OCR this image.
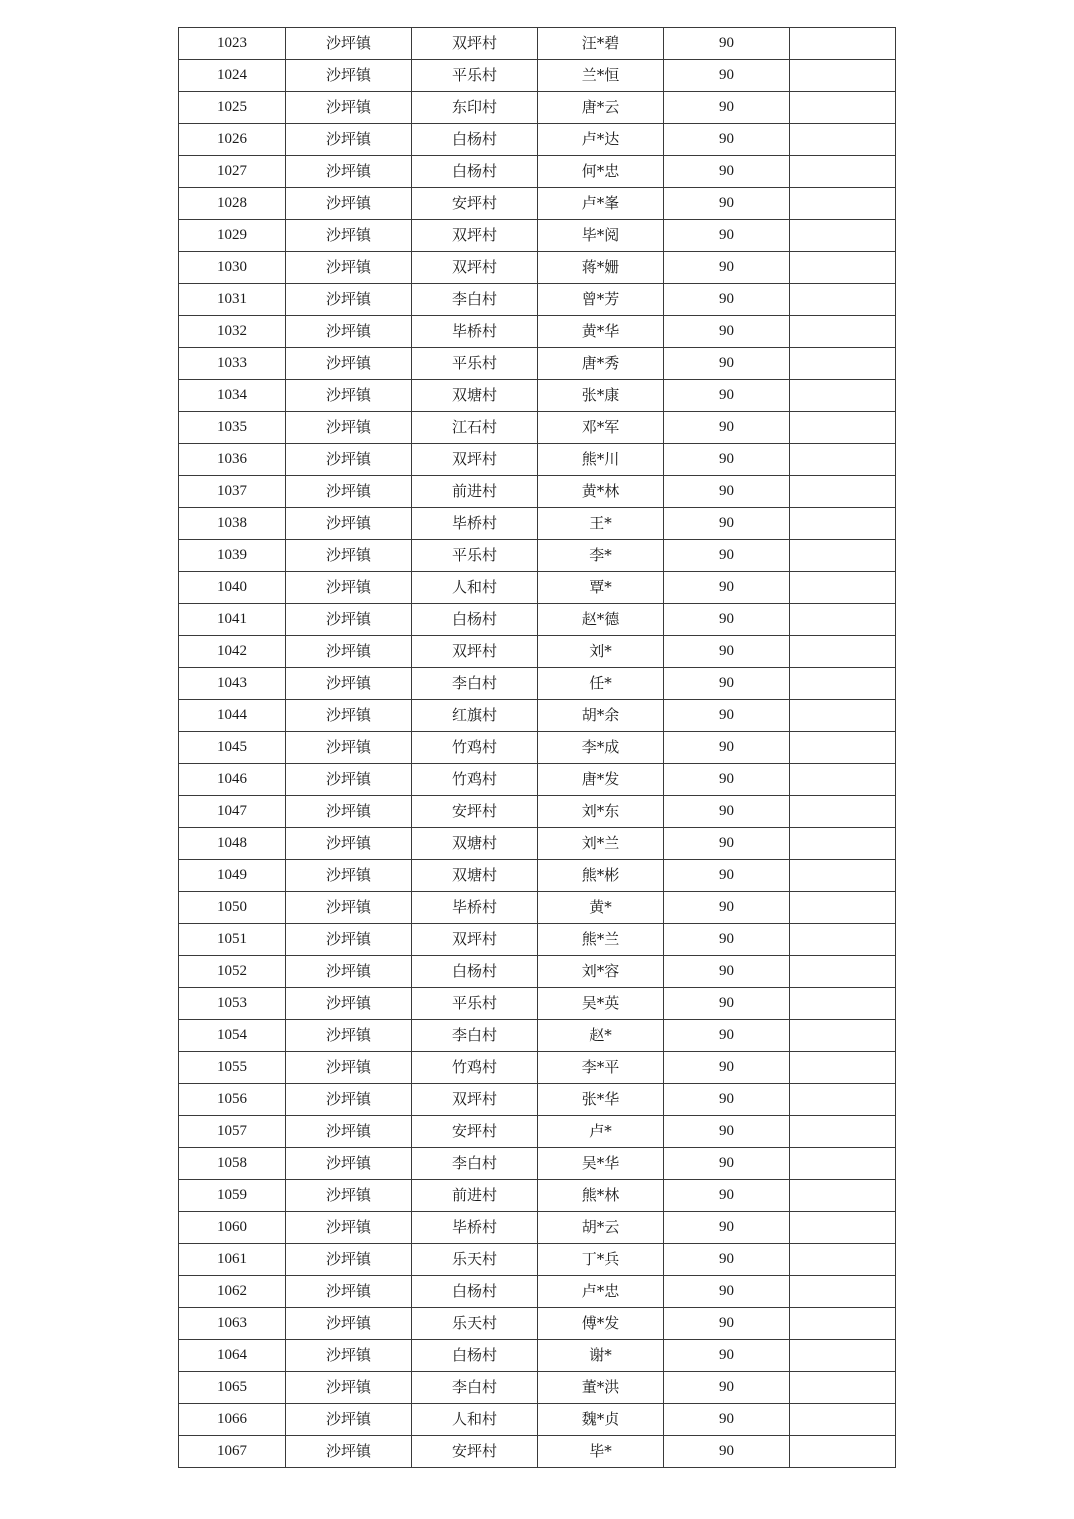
1023	沙坪镇	双坪村	汪*碧	90	
1024	沙坪镇	平乐村	兰*恒	90	
1025	沙坪镇	东印村	唐*云	90	
1026	沙坪镇	白杨村	卢*达	90	
1027	沙坪镇	白杨村	何*忠	90	
1028	沙坪镇	安坪村	卢*峯	90	
1029	沙坪镇	双坪村	毕*阅	90	
1030	沙坪镇	双坪村	蒋*姗	90	
1031	沙坪镇	李白村	曾*芳	90	
1032	沙坪镇	毕桥村	黄*华	90	
1033	沙坪镇	平乐村	唐*秀	90	
1034	沙坪镇	双塘村	张*康	90	
1035	沙坪镇	江石村	邓*军	90	
1036	沙坪镇	双坪村	熊*川	90	
1037	沙坪镇	前进村	黄*林	90	
1038	沙坪镇	毕桥村	王*	90	
1039	沙坪镇	平乐村	李*	90	
1040	沙坪镇	人和村	覃*	90	
1041	沙坪镇	白杨村	赵*德	90	
1042	沙坪镇	双坪村	刘*	90	
1043	沙坪镇	李白村	任*	90	
1044	沙坪镇	红旗村	胡*余	90	
1045	沙坪镇	竹鸡村	李*成	90	
1046	沙坪镇	竹鸡村	唐*发	90	
1047	沙坪镇	安坪村	刘*东	90	
1048	沙坪镇	双塘村	刘*兰	90	
1049	沙坪镇	双塘村	熊*彬	90	
1050	沙坪镇	毕桥村	黄*	90	
1051	沙坪镇	双坪村	熊*兰	90	
1052	沙坪镇	白杨村	刘*容	90	
1053	沙坪镇	平乐村	吴*英	90	
1054	沙坪镇	李白村	赵*	90	
1055	沙坪镇	竹鸡村	李*平	90	
1056	沙坪镇	双坪村	张*华	90	
1057	沙坪镇	安坪村	卢*	90	
1058	沙坪镇	李白村	吴*华	90	
1059	沙坪镇	前进村	熊*林	90	
1060	沙坪镇	毕桥村	胡*云	90	
1061	沙坪镇	乐天村	丁*兵	90	
1062	沙坪镇	白杨村	卢*忠	90	
1063	沙坪镇	乐天村	傅*发	90	
1064	沙坪镇	白杨村	谢*	90	
1065	沙坪镇	李白村	董*洪	90	
1066	沙坪镇	人和村	魏*贞	90	
1067	沙坪镇	安坪村	毕*	90	
